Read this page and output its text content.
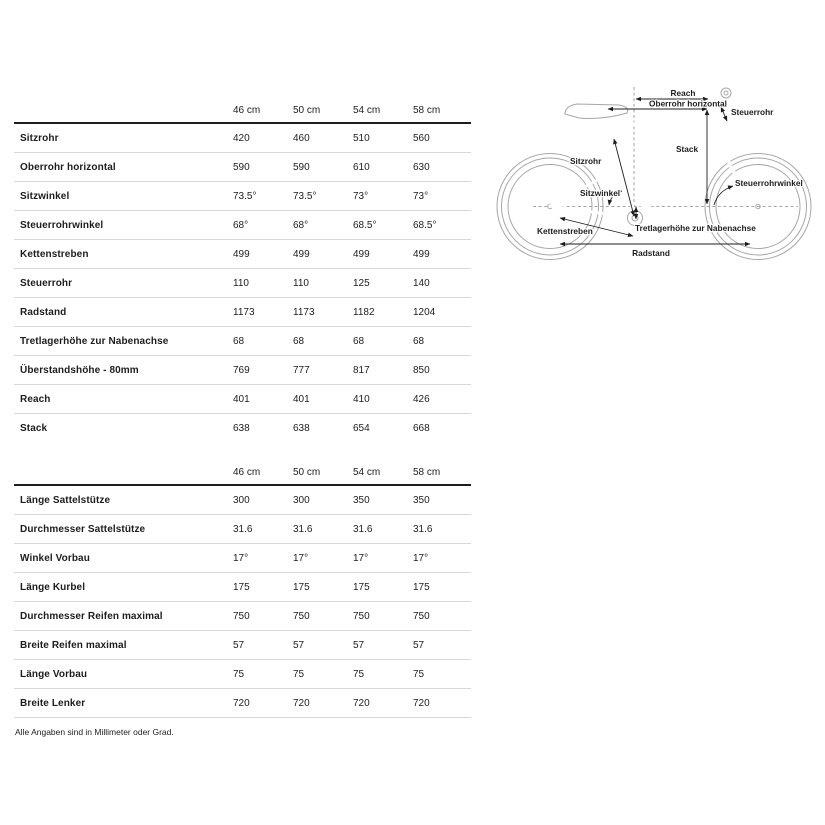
46 cm	50 cm	54 cm	58 cm
Sitzrohr	420	460	510	560
Oberrohr horizontal	590	590	610	630
Sitzwinkel	73.5°	73.5°	73°	73°
Steuerrohrwinkel	68°	68°	68.5°	68.5°
Kettenstreben	499	499	499	499
Steuerrohr	110	110	125	140
Radstand	1173	1173	1182	1204
Tretlagerhöhe zur Nabenachse	68	68	68	68
Überstandshöhe - 80mm	769	777	817	850
Reach	401	401	410	426
Stack	638	638	654	668
46 cm	50 cm	54 cm	58 cm
Länge Sattelstütze	300	300	350	350
Durchmesser Sattelstütze	31.6	31.6	31.6	31.6
Winkel Vorbau	17°	17°	17°	17°
Länge Kurbel	175	175	175	175
Durchmesser Reifen maximal	750	750	750	750
Breite Reifen maximal	57	57	57	57
Länge Vorbau	75	75	75	75
Breite Lenker	720	720	720	720
Alle Angaben sind in Millimeter oder Grad.
Reach
Oberrohr horizontal
Steuerrohr
Stack
Sitzrohr
Sitzwinkel
Steuerrohrwinkel
Kettenstreben	Tretlagerhöhe zur Nabenachse
Radstand
